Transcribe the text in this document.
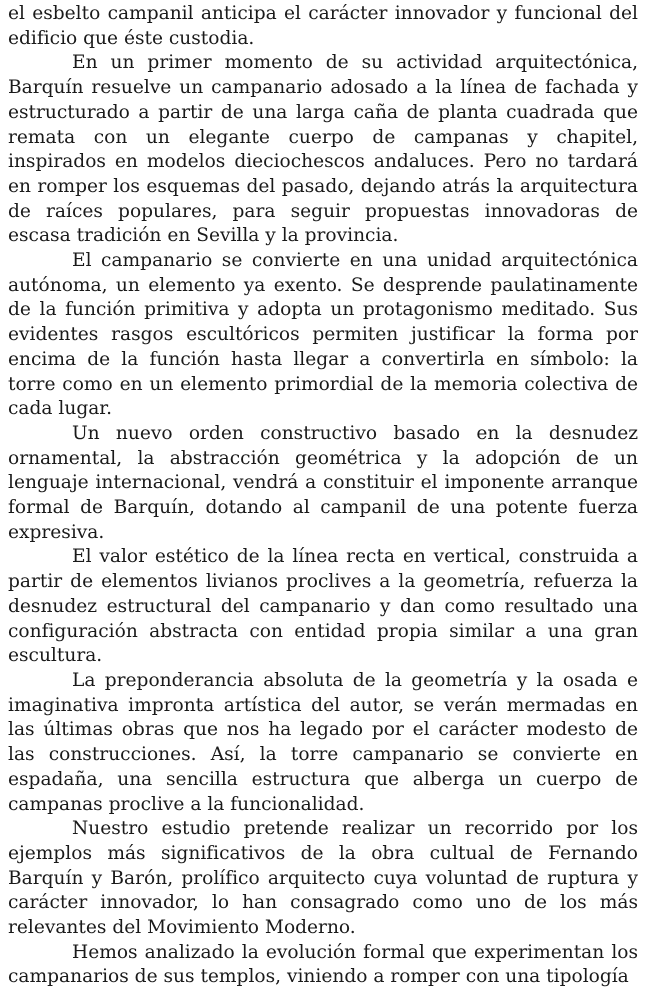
el esbelto campanil anticipa el carácter innovador y funcional del edificio que éste custodia.

En un primer momento de su actividad arquitectónica, Barquín resuelve un campanario adosado a la línea de fachada y estructurado a partir de una larga caña de planta cuadrada que remata con un elegante cuerpo de campanas y chapitel, inspirados en modelos dieciochescos andaluces. Pero no tardará en romper los esquemas del pasado, dejando atrás la arquitectura de raíces populares, para seguir propuestas innovadoras de escasa tradición en Sevilla y la provincia.

El campanario se convierte en una unidad arquitectónica autónoma, un elemento ya exento. Se desprende paulatinamente de la función primitiva y adopta un protagonismo meditado. Sus evidentes rasgos escultóricos permiten justificar la forma por encima de la función hasta llegar a convertirla en símbolo: la torre como en un elemento primordial de la memoria colectiva de cada lugar.

Un nuevo orden constructivo basado en la desnudez ornamental, la abstracción geométrica y la adopción de un lenguaje internacional, vendrá a constituir el imponente arranque formal de Barquín, dotando al campanil de una potente fuerza expresiva.

El valor estético de la línea recta en vertical, construida a partir de elementos livianos proclives a la geometría, refuerza la desnudez estructural del campanario y dan como resultado una configuración abstracta con entidad propia similar a una gran escultura.

La preponderancia absoluta de la geometría y la osada e imaginativa impronta artística del autor, se verán mermadas en las últimas obras que nos ha legado por el carácter modesto de las construcciones. Así, la torre campanario se convierte en espadaña, una sencilla estructura que alberga un cuerpo de campanas proclive a la funcionalidad.

Nuestro estudio pretende realizar un recorrido por los ejemplos más significativos de la obra cultual de Fernando Barquín y Barón, prolífico arquitecto cuya voluntad de ruptura y carácter innovador, lo han consagrado como uno de los más relevantes del Movimiento Moderno.

Hemos analizado la evolución formal que experimentan los campanarios de sus templos, viniendo a romper con una tipología
